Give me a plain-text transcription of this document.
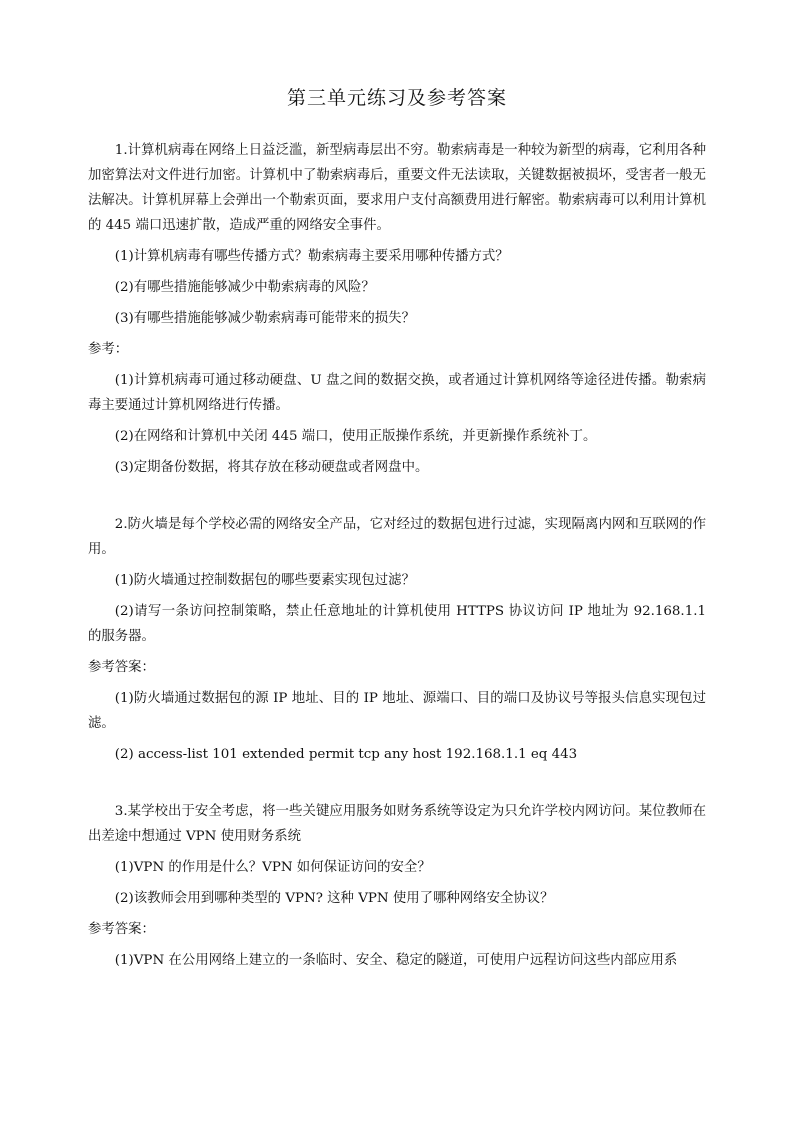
第三单元练习及参考答案

1.计算机病毒在网络上日益泛滥，新型病毒层出不穷。勒索病毒是一种较为新型的病毒，它利用各种加密算法对文件进行加密。计算机中了勒索病毒后，重要文件无法读取，关键数据被损坏，受害者一般无法解决。计算机屏幕上会弹出一个勒索页面，要求用户支付高额费用进行解密。勒索病毒可以利用计算机的 445 端口迅速扩散，造成严重的网络安全事件。

(1)计算机病毒有哪些传播方式？勒索病毒主要采用哪种传播方式？

(2)有哪些措施能够减少中勒索病毒的风险？

(3)有哪些措施能够减少勒索病毒可能带来的损失？

参考：

(1)计算机病毒可通过移动硬盘、U 盘之间的数据交换，或者通过计算机网络等途径进传播。勒索病毒主要通过计算机网络进行传播。

(2)在网络和计算机中关闭 445 端口，使用正版操作系统，并更新操作系统补丁。

(3)定期备份数据，将其存放在移动硬盘或者网盘中。

2.防火墙是每个学校必需的网络安全产品，它对经过的数据包进行过滤，实现隔离内网和互联网的作用。

(1)防火墙通过控制数据包的哪些要素实现包过滤？

(2)请写一条访问控制策略，禁止任意地址的计算机使用 HTTPS 协议访问 IP 地址为 92.168.1.1 的服务器。

参考答案：

(1)防火墙通过数据包的源 IP 地址、目的 IP 地址、源端口、目的端口及协议号等报头信息实现包过滤。

(2) access-list 101 extended permit tcp any host 192.168.1.1 eq 443

3.某学校出于安全考虑，将一些关键应用服务如财务系统等设定为只允许学校内网访问。某位教师在出差途中想通过 VPN 使用财务系统

(1)VPN 的作用是什么？VPN 如何保证访问的安全？

(2)该教师会用到哪种类型的 VPN? 这种 VPN 使用了哪种网络安全协议？

参考答案：

(1)VPN 在公用网络上建立的一条临时、安全、稳定的隧道，可使用户远程访问这些内部应用系
